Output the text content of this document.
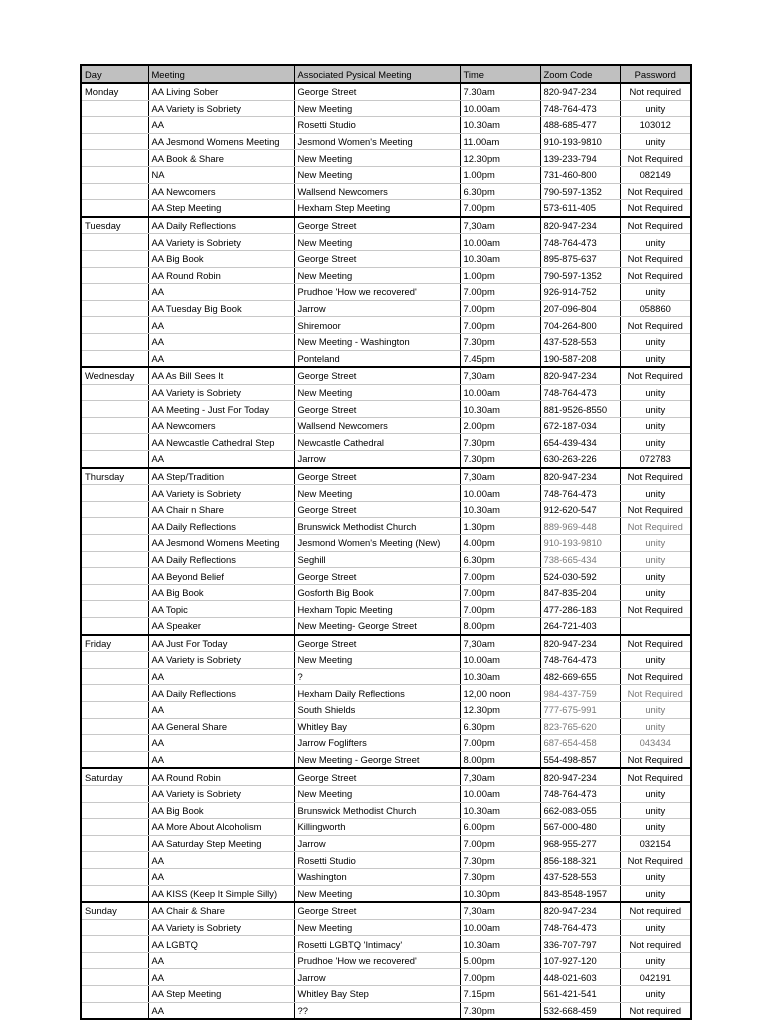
Day	Meeting	Associated Pysical Meeting	Time	Zoom Code	Password
Monday	AA Living Sober	George Street	7.30am	820-947-234	Not required
	AA Variety is Sobriety	New Meeting	10.00am	748-764-473	unity
	AA	Rosetti Studio	10.30am	488-685-477	103012
	AA Jesmond Womens Meeting	Jesmond Women's Meeting	11.00am	910-193-9810	unity
	AA Book & Share	New Meeting	12.30pm	139-233-794	Not Required
	NA	New Meeting	1.00pm	731-460-800	082149
	AA Newcomers	Wallsend Newcomers	6.30pm	790-597-1352	Not Required
	AA Step Meeting	Hexham Step Meeting	7.00pm	573-611-405	Not Required
Tuesday	AA Daily Reflections	George Street	7,30am	820-947-234	Not Required
	AA Variety is Sobriety	New Meeting	10.00am	748-764-473	unity
	AA Big Book	George Street	10.30am	895-875-637	Not Required
	AA Round Robin	New Meeting	1.00pm	790-597-1352	Not Required
	AA	Prudhoe 'How we recovered'	7.00pm	926-914-752	unity
	AA Tuesday Big Book	Jarrow	7.00pm	207-096-804	058860
	AA	Shiremoor	7.00pm	704-264-800	Not Required
	AA	New Meeting - Washington	7.30pm	437-528-553	unity
	AA	Ponteland	7.45pm	190-587-208	unity
Wednesday	AA As Bill Sees It	George Street	7,30am	820-947-234	Not Required
	AA Variety is Sobriety	New Meeting	10.00am	748-764-473	unity
	AA Meeting - Just For Today	George Street	10.30am	881-9526-8550	unity
	AA Newcomers	Wallsend Newcomers	2.00pm	672-187-034	unity
	AA Newcastle Cathedral Step	Newcastle Cathedral	7.30pm	654-439-434	unity
	AA	Jarrow	7.30pm	630-263-226	072783
Thursday	AA Step/Tradition	George Street	7,30am	820-947-234	Not Required
	AA Variety is Sobriety	New Meeting	10.00am	748-764-473	unity
	AA Chair n Share	George Street	10.30am	912-620-547	Not Required
	AA Daily Reflections	Brunswick Methodist Church	1.30pm	889-969-448	Not Required
	AA Jesmond Womens Meeting	Jesmond Women's Meeting (New)	4.00pm	910-193-9810	unity
	AA Daily Reflections	Seghill	6.30pm	738-665-434	unity
	AA Beyond Belief	George Street	7.00pm	524-030-592	unity
	AA Big Book	Gosforth Big Book	7.00pm	847-835-204	unity
	AA Topic	Hexham Topic Meeting	7.00pm	477-286-183	Not Required
	AA Speaker	New Meeting- George Street	8.00pm	264-721-403	
Friday	AA Just For Today	George Street	7,30am	820-947-234	Not Required
	AA Variety is Sobriety	New Meeting	10.00am	748-764-473	unity
	AA	?	10.30am	482-669-655	Not Required
	AA Daily Reflections	Hexham Daily Reflections	12,00 noon	984-437-759	Not Required
	AA	South Shields	12.30pm	777-675-991	unity
	AA General Share	Whitley Bay	6.30pm	823-765-620	unity
	AA	Jarrow Foglifters	7.00pm	687-654-458	043434
	AA	New Meeting - George Street	8.00pm	554-498-857	Not Required
Saturday	AA Round Robin	George Street	7,30am	820-947-234	Not Required
	AA Variety is Sobriety	New Meeting	10.00am	748-764-473	unity
	AA Big Book	Brunswick Methodist Church	10.30am	662-083-055	unity
	AA More About Alcoholism	Killingworth	6.00pm	567-000-480	unity
	AA Saturday Step Meeting	Jarrow	7.00pm	968-955-277	032154
	AA	Rosetti Studio	7.30pm	856-188-321	Not Required
	AA	Washington	7.30pm	437-528-553	unity
	AA KISS (Keep It Simple Silly)	New Meeting	10.30pm	843-8548-1957	unity
Sunday	AA Chair & Share	George Street	7,30am	820-947-234	Not required
	AA Variety is Sobriety	New Meeting	10.00am	748-764-473	unity
	AA LGBTQ	Rosetti LGBTQ 'Intimacy'	10.30am	336-707-797	Not required
	AA	Prudhoe 'How we recovered'	5.00pm	107-927-120	unity
	AA	Jarrow	7.00pm	448-021-603	042191
	AA Step Meeting	Whitley Bay Step	7.15pm	561-421-541	unity
	AA	??	7.30pm	532-668-459	Not required
